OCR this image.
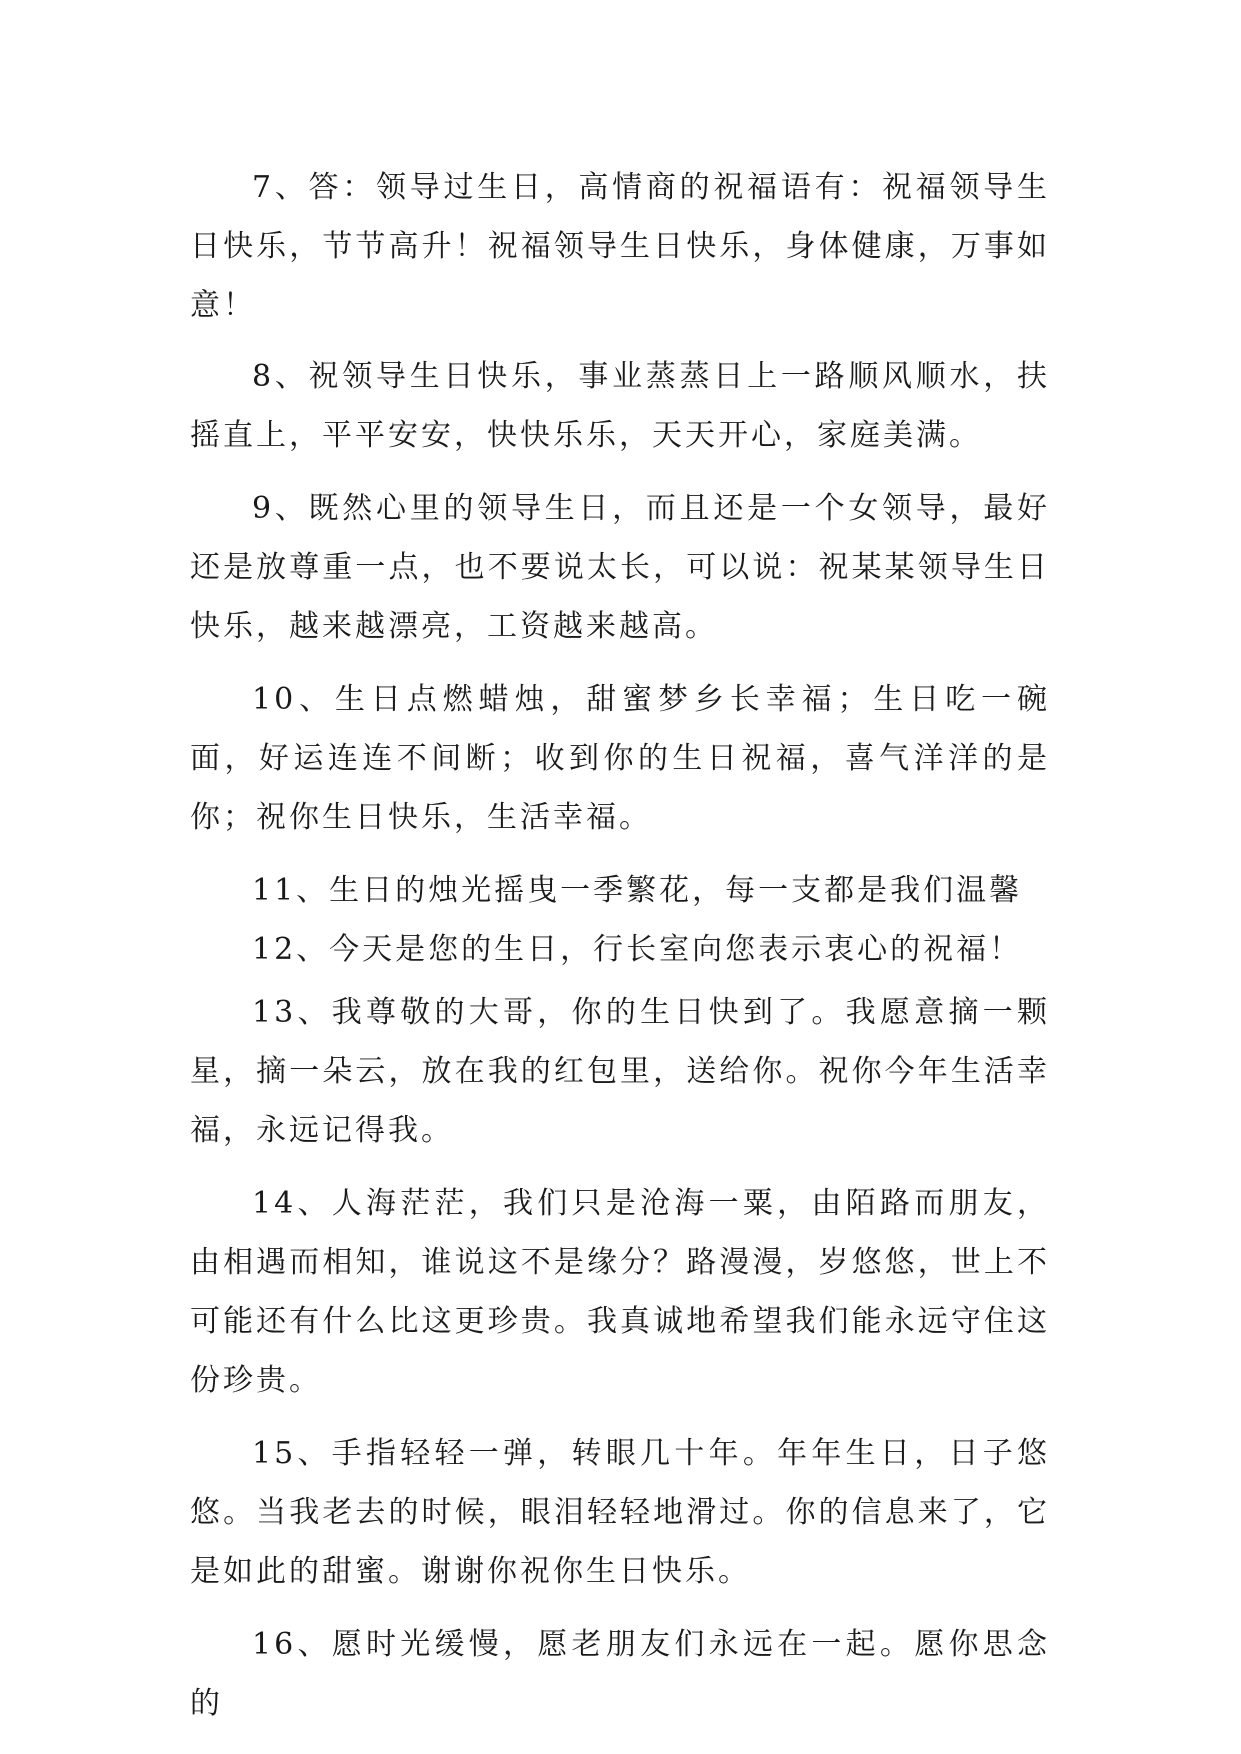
7、答：领导过生日，高情商的祝福语有：祝福领导生日快乐，节节高升！祝福领导生日快乐，身体健康，万事如意！

8、祝领导生日快乐，事业蒸蒸日上一路顺风顺水，扶摇直上，平平安安，快快乐乐，天天开心，家庭美满。

9、既然心里的领导生日，而且还是一个女领导，最好还是放尊重一点，也不要说太长，可以说：祝某某领导生日快乐，越来越漂亮，工资越来越高。

10、生日点燃蜡烛，甜蜜梦乡长幸福；生日吃一碗面，好运连连不间断；收到你的生日祝福，喜气洋洋的是你；祝你生日快乐，生活幸福。

11、生日的烛光摇曳一季繁花，每一支都是我们温馨

12、今天是您的生日，行长室向您表示衷心的祝福！

13、我尊敬的大哥，你的生日快到了。我愿意摘一颗星，摘一朵云，放在我的红包里，送给你。祝你今年生活幸福，永远记得我。

14、人海茫茫，我们只是沧海一粟，由陌路而朋友，由相遇而相知，谁说这不是缘分？路漫漫，岁悠悠，世上不可能还有什么比这更珍贵。我真诚地希望我们能永远守住这份珍贵。

15、手指轻轻一弹，转眼几十年。年年生日，日子悠悠。当我老去的时候，眼泪轻轻地滑过。你的信息来了，它是如此的甜蜜。谢谢你祝你生日快乐。

16、愿时光缓慢，愿老朋友们永远在一起。愿你思念的
